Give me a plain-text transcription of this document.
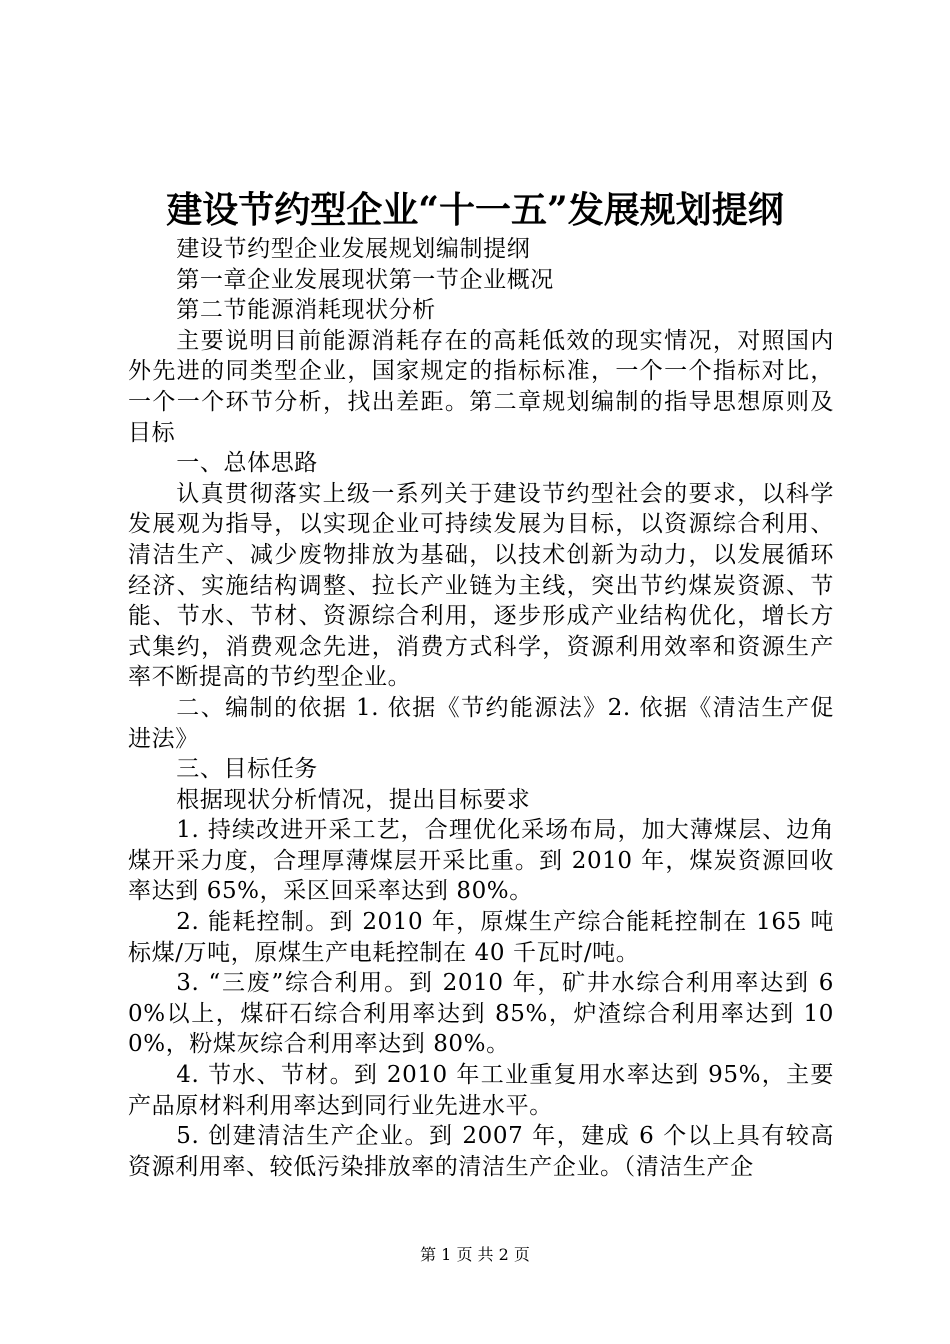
建设节约型企业“十一五”发展规划提纲

建设节约型企业发展规划编制提纲

第一章企业发展现状第一节企业概况

第二节能源消耗现状分析

主要说明目前能源消耗存在的高耗低效的现实情况，对照国内外先进的同类型企业，国家规定的指标标准，一个一个指标对比，一个一个环节分析，找出差距。第二章规划编制的指导思想原则及目标

一、总体思路

认真贯彻落实上级一系列关于建设节约型社会的要求，以科学发展观为指导，以实现企业可持续发展为目标，以资源综合利用、清洁生产、减少废物排放为基础，以技术创新为动力，以发展循环经济、实施结构调整、拉长产业链为主线，突出节约煤炭资源、节能、节水、节材、资源综合利用，逐步形成产业结构优化，增长方式集约，消费观念先进，消费方式科学，资源利用效率和资源生产率不断提高的节约型企业。

二、编制的依据 1. 依据《节约能源法》2. 依据《清洁生产促进法》

三、目标任务

根据现状分析情况，提出目标要求

1. 持续改进开采工艺，合理优化采场布局，加大薄煤层、边角煤开采力度，合理厚薄煤层开采比重。到 2010 年，煤炭资源回收率达到 65%，采区回采率达到 80%。

2. 能耗控制。到 2010 年，原煤生产综合能耗控制在 165 吨标煤/万吨，原煤生产电耗控制在 40 千瓦时/吨。

3. “三废”综合利用。到 2010 年，矿井水综合利用率达到 60%以上，煤矸石综合利用率达到 85%，炉渣综合利用率达到 100%，粉煤灰综合利用率达到 80%。

4. 节水、节材。到 2010 年工业重复用水率达到 95%，主要产品原材料利用率达到同行业先进水平。

5. 创建清洁生产企业。到 2007 年，建成 6 个以上具有较高资源利用率、较低污染排放率的清洁生产企业。（清洁生产企

第 1 页 共 2 页
